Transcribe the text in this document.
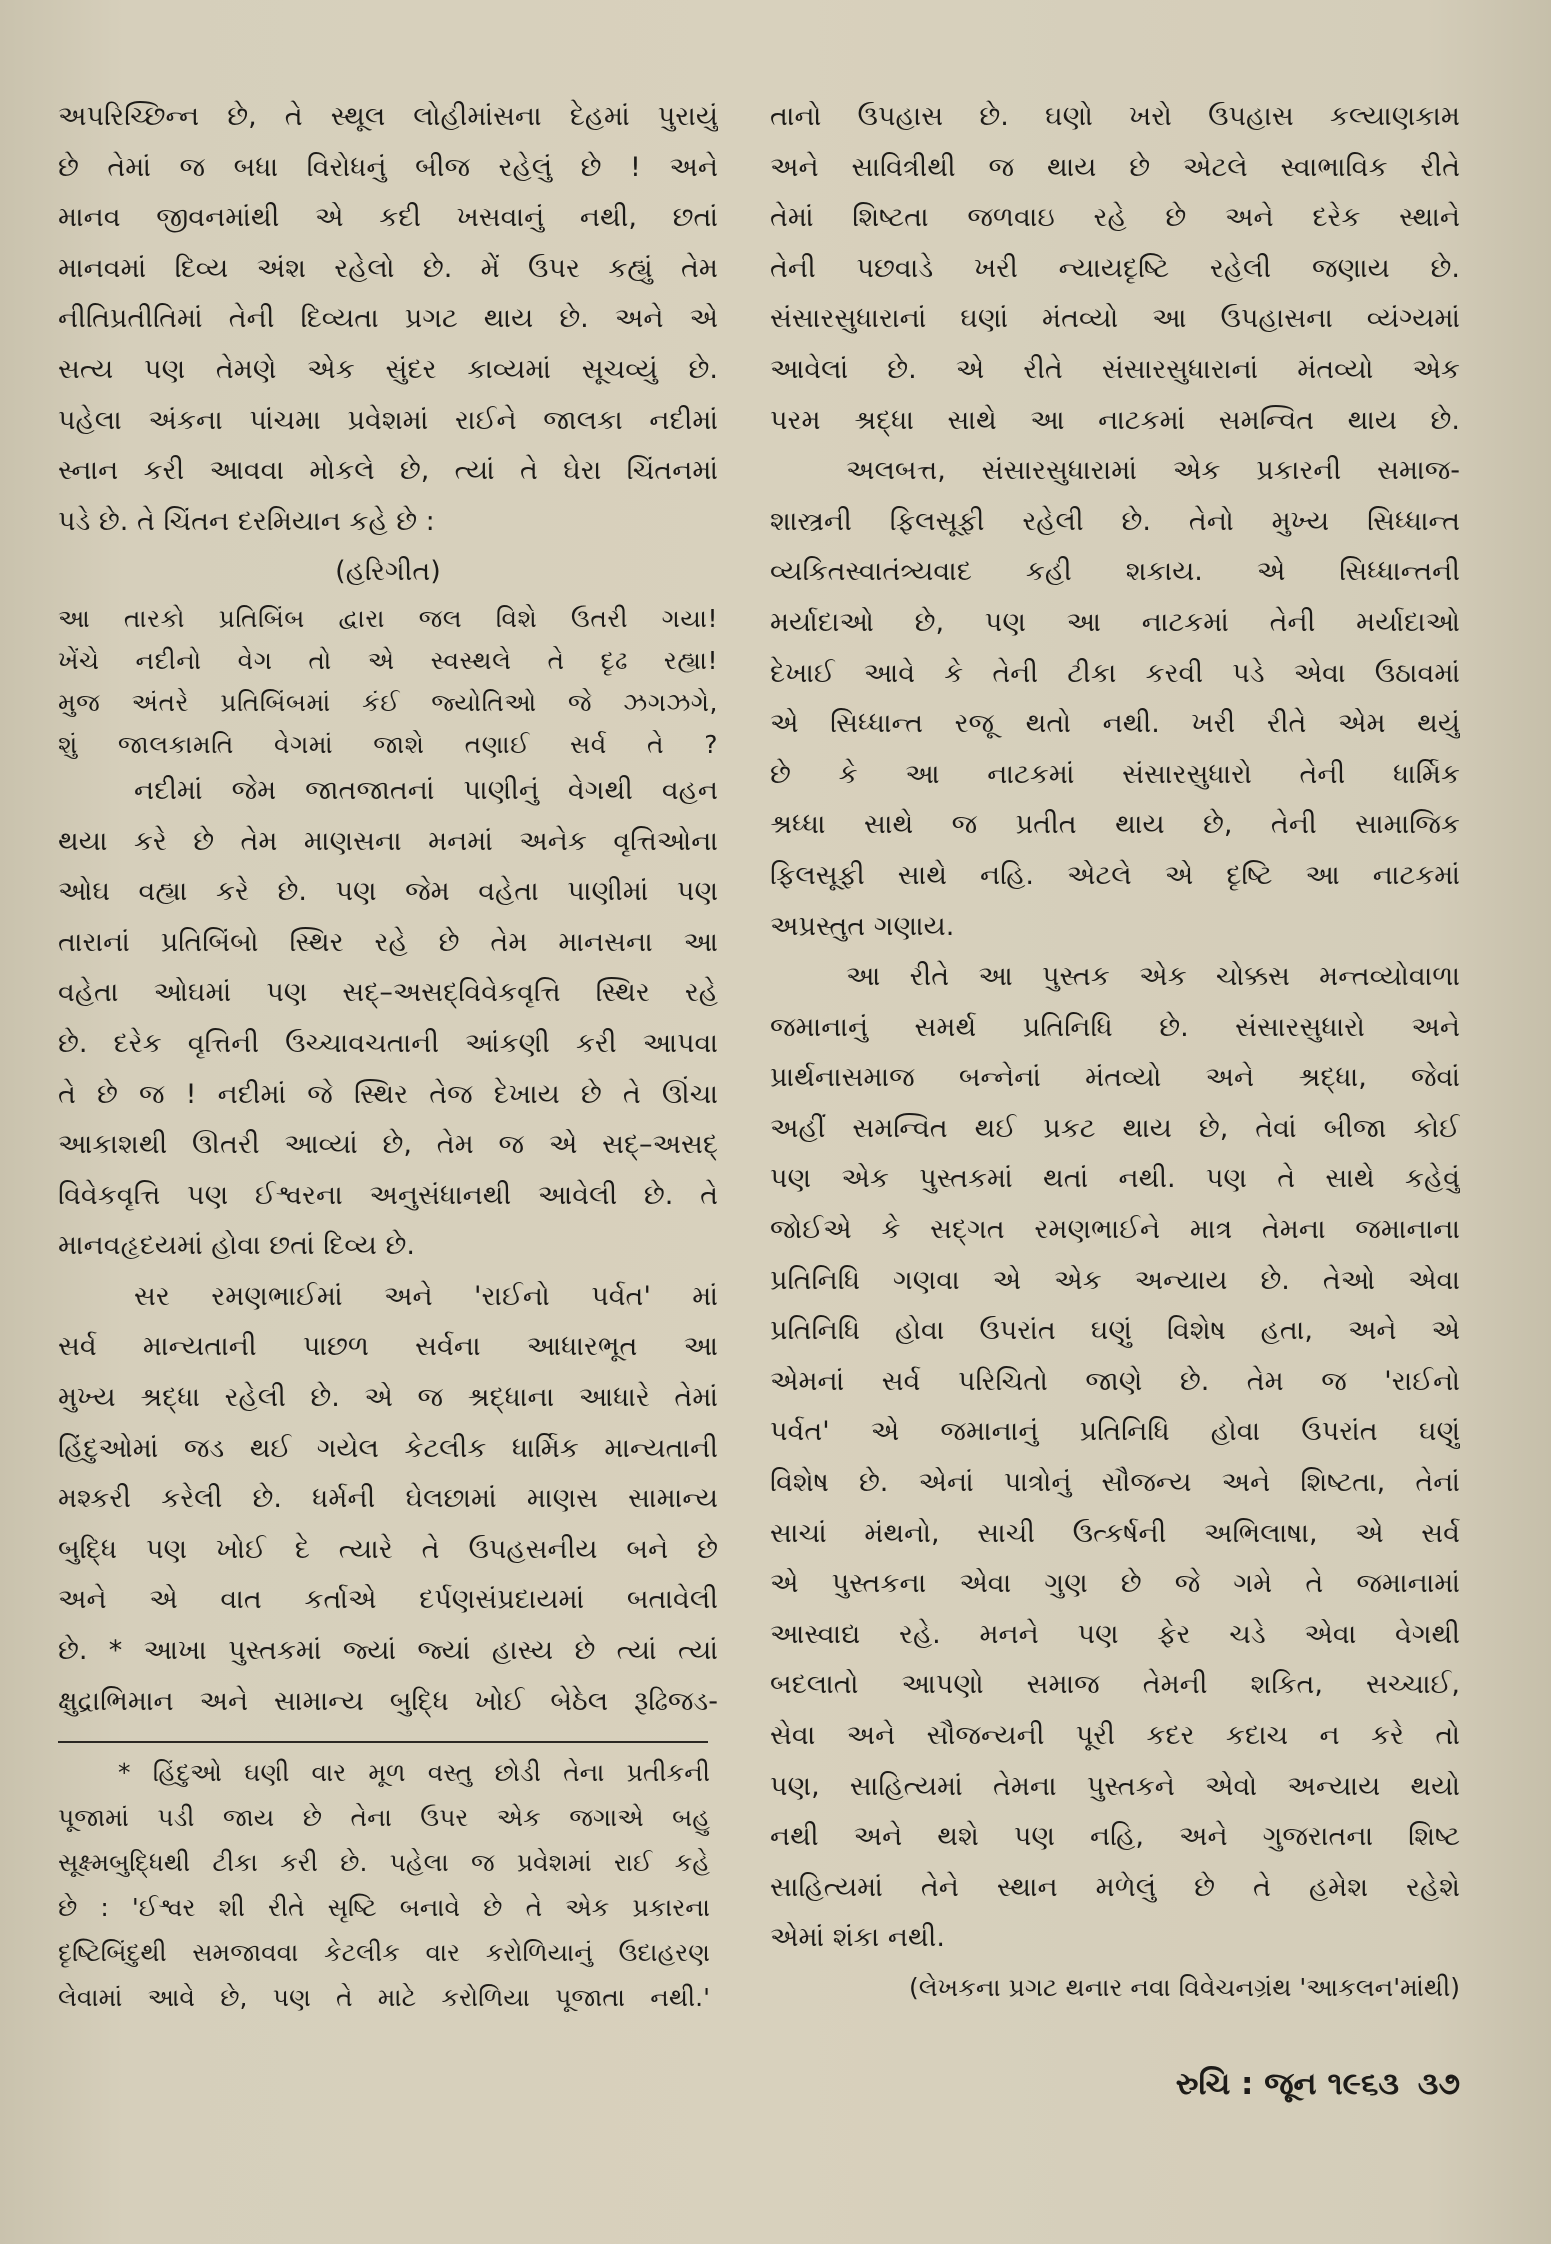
અપરિચ્છિન્ન છે, તે સ્થૂલ લોહીમાંસના દેહમાં પુરાયું
છે તેમાં જ બધા વિરોધનું બીજ રહેલું છે ! અને
માનવ જીવનમાંથી એ કદી ખસવાનું નથી, છતાં
માનવમાં દિવ્ય અંશ રહેલો છે. મેં ઉપર કહ્યું તેમ
નીતિપ્રતીતિમાં તેની દિવ્યતા પ્રગટ થાય છે. અને એ
સત્ય પણ તેમણે એક સુંદર કાવ્યમાં સૂચવ્યું છે.
પહેલા અંકના પાંચમા પ્રવેશમાં રાઈને જાલકા નદીમાં
સ્નાન કરી આવવા મોકલે છે, ત્યાં તે ઘેરા ચિંતનમાં
પડે છે. તે ચિંતન દરમિયાન કહે છે :
(હરિગીત)
આ તારકો પ્રતિબિંબ દ્વારા જલ વિશે ઉતરી ગયા!
ખેંચે નદીનો વેગ તો એ સ્વસ્થલે તે દૃઢ રહ્યા!
મુજ અંતરે પ્રતિબિંબમાં કંઈ જ્યોતિઓ જે ઝગઝગે,
શું જાલકામતિ વેગમાં જાશે તણાઈ સર્વ તે ?
નદીમાં જેમ જાતજાતનાં પાણીનું વેગથી વહન
થયા કરે છે તેમ માણસના મનમાં અનેક વૃત્તિઓના
ઓઘ વહ્યા કરે છે. પણ જેમ વહેતા પાણીમાં પણ
તારાનાં પ્રતિબિંબો સ્થિર રહે છે તેમ માનસના આ
વહેતા ઓઘમાં પણ સદ્‌–અસદ્‌વિવેકવૃત્તિ સ્થિર રહે
છે. દરેક વૃત્તિની ઉચ્ચાવચતાની આંકણી કરી આપવા
તે છે જ ! નદીમાં જે સ્થિર તેજ દેખાય છે તે ઊંચા
આકાશથી ઊતરી આવ્યાં છે, તેમ જ એ સદ્‌–અસદ્‌
વિવેકવૃત્તિ પણ ઈશ્વરના અનુસંધાનથી આવેલી છે. તે
માનવહૃદયમાં હોવા છતાં દિવ્ય છે.
સર રમણભાઈમાં અને 'રાઈનો પર્વત' માં
સર્વ માન્યતાની પાછળ સર્વના આધારભૂત આ
મુખ્ય શ્રદ્ધા રહેલી છે. એ જ શ્રદ્ધાના આધારે તેમાં
હિંદુઓમાં જડ થઈ ગયેલ કેટલીક ધાર્મિક માન્યતાની
મશ્કરી કરેલી છે. ધર્મની ઘેલછામાં માણસ સામાન્ય
બુદ્ધિ પણ ખોઈ દે ત્યારે તે ઉપહસનીય બને છે
અને એ વાત કર્તાએ દર્પણસંપ્રદાયમાં બતાવેલી
છે. * આખા પુસ્તકમાં જ્યાં જ્યાં હાસ્ય છે ત્યાં ત્યાં
ક્ષુદ્રાભિમાન અને સામાન્ય બુદ્ધિ ખોઈ બેઠેલ રૂઢિજડ-
* હિંદુઓ ઘણી વાર મૂળ વસ્તુ છોડી તેના પ્રતીકની
પૂજામાં પડી જાય છે તેના ઉપર એક જગાએ બહુ
સૂક્ષ્મબુદ્ધિથી ટીકા કરી છે. પહેલા જ પ્રવેશમાં રાઈ કહે
છે : 'ઈશ્વર શી રીતે સૃષ્ટિ બનાવે છે તે એક પ્રકારના
દૃષ્ટિબિંદુથી સમજાવવા કેટલીક વાર કરોળિયાનું ઉદાહરણ
લેવામાં આવે છે, પણ તે માટે કરોળિયા પૂજાતા નથી.'
તાનો ઉપહાસ છે. ઘણો ખરો ઉપહાસ કલ્યાણકામ
અને સાવિત્રીથી જ થાય છે એટલે સ્વાભાવિક રીતે
તેમાં શિષ્ટતા જળવાઇ રહે છે અને દરેક સ્થાને
તેની પછવાડે ખરી ન્યાયદૃષ્ટિ રહેલી જણાય છે.
સંસારસુધારાનાં ઘણાં મંતવ્યો આ ઉપહાસના વ્યંગ્યમાં
આવેલાં છે. એ રીતે સંસારસુધારાનાં મંતવ્યો એક
પરમ શ્રદ્ધા સાથે આ નાટકમાં સમન્વિત થાય છે.
અલબત્ત, સંસારસુધારામાં એક પ્રકારની સમાજ-
શાસ્ત્રની ફિલસૂફી રહેલી છે. તેનો મુખ્ય સિધ્ધાન્ત
વ્યકિતસ્વાતંત્ર્યવાદ કહી શકાય. એ સિધ્ધાન્તની
મર્યાદાઓ છે, પણ આ નાટકમાં તેની મર્યાદાઓ
દેખાઈ આવે કે તેની ટીકા કરવી પડે એવા ઉઠાવમાં
એ સિધ્ધાન્ત રજૂ થતો નથી. ખરી રીતે એમ થયું
છે કે આ નાટકમાં સંસારસુધારો તેની ધાર્મિક
શ્રધ્ધા સાથે જ પ્રતીત થાય છે, તેની સામાજિક
ફિલસૂફી સાથે નહિ. એટલે એ દૃષ્ટિ આ નાટકમાં
અપ્રસ્તુત ગણાય.
આ રીતે આ પુસ્તક એક ચોક્કસ મન્તવ્યોવાળા
જમાનાનું સમર્થ પ્રતિનિધિ છે. સંસારસુધારો અને
પ્રાર્થનાસમાજ બન્નેનાં મંતવ્યો અને શ્રદ્ધા, જેવાં
અહીં સમન્વિત થઈ પ્રકટ થાય છે, તેવાં બીજા કોઈ
પણ એક પુસ્તકમાં થતાં નથી. પણ તે સાથે કહેવું
જોઈએ કે સદ્‌ગત રમણભાઈને માત્ર તેમના જમાનાના
પ્રતિનિધિ ગણવા એ એક અન્યાય છે. તેઓ એવા
પ્રતિનિધિ હોવા ઉપરાંત ઘણું વિશેષ હતા, અને એ
એમનાં સર્વ પરિચિતો જાણે છે. તેમ જ 'રાઈનો
પર્વત' એ જમાનાનું પ્રતિનિધિ હોવા ઉપરાંત ઘણું
વિશેષ છે. એનાં પાત્રોનું સૌજન્ય અને શિષ્ટતા, તેનાં
સાચાં મંથનો, સાચી ઉત્કર્ષની અભિલાષા, એ સર્વ
એ પુસ્તકના એવા ગુણ છે જે ગમે તે જમાનામાં
આસ્વાદ્ય રહે. મનને પણ ફેર ચડે એવા વેગથી
બદલાતો આપણો સમાજ તેમની શકિત, સચ્ચાઈ,
સેવા અને સૌજન્યની પૂરી કદર કદાચ ન કરે તો
પણ, સાહિત્યમાં તેમના પુસ્તકને એવો અન્યાય થયો
નથી અને થશે પણ નહિ, અને ગુજરાતના શિષ્ટ
સાહિત્યમાં તેને સ્થાન મળેલું છે તે હમેશ રહેશે
એમાં શંકા નથી.
(લેખકના પ્રગટ થનાર નવા વિવેચનગ્રંથ 'આકલન'માંથી)
રુચિ : જૂન ૧૯૬૩ ૩૭
